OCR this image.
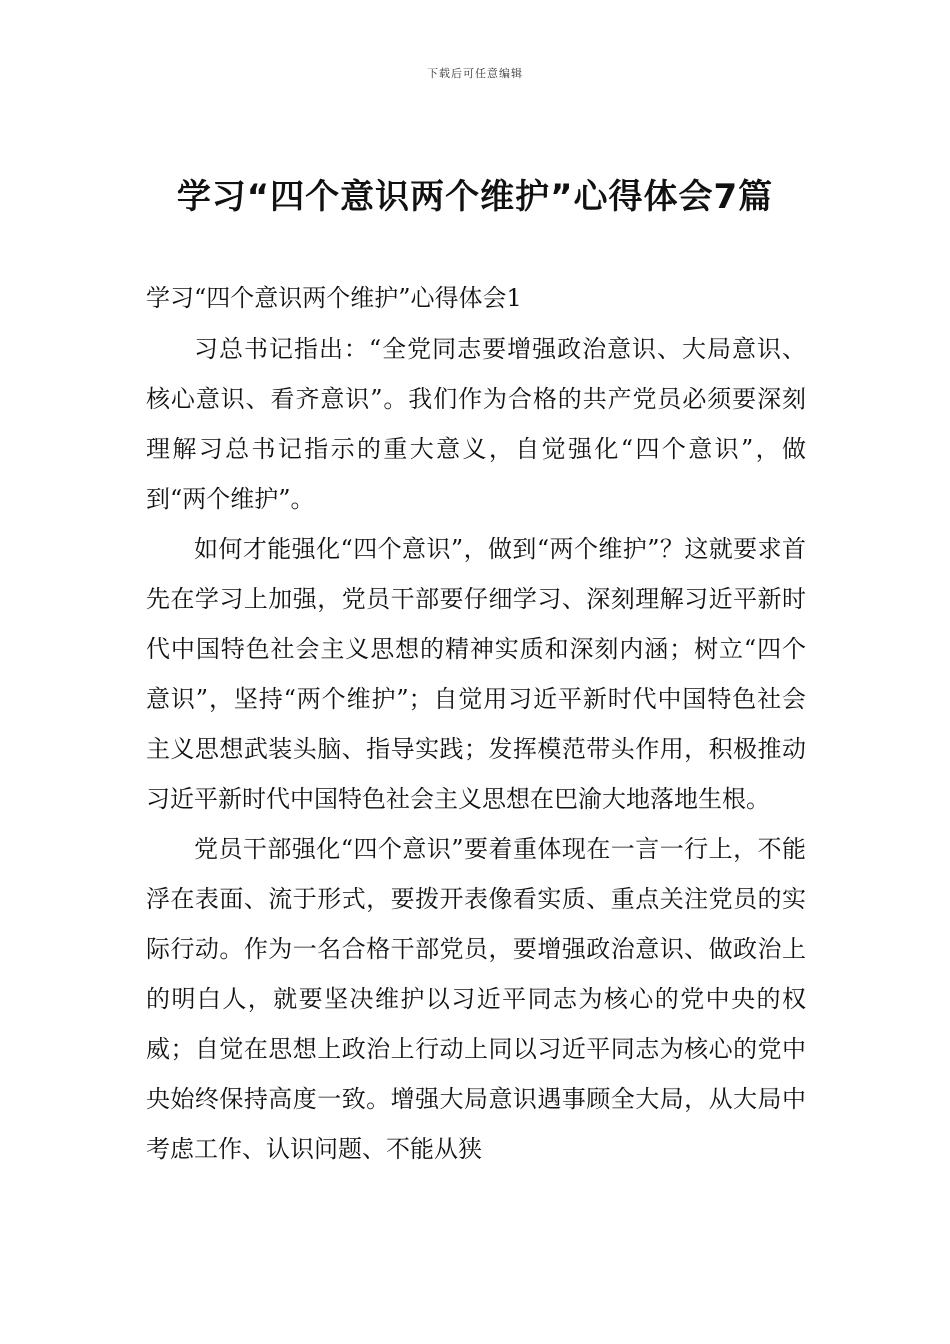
下载后可任意编辑
学习“四个意识两个维护”心得体会7篇
学习“四个意识两个维护”心得体会1

习总书记指出：“全党同志要增强政治意识、大局意识、核心意识、看齐意识”。我们作为合格的共产党员必须要深刻理解习总书记指示的重大意义，自觉强化“四个意识”，做到“两个维护”。

如何才能强化“四个意识”，做到“两个维护”？这就要求首先在学习上加强，党员干部要仔细学习、深刻理解习近平新时代中国特色社会主义思想的精神实质和深刻内涵；树立“四个意识”，坚持“两个维护”；自觉用习近平新时代中国特色社会主义思想武装头脑、指导实践；发挥模范带头作用，积极推动习近平新时代中国特色社会主义思想在巴渝大地落地生根。

党员干部强化“四个意识”要着重体现在一言一行上，不能浮在表面、流于形式，要拨开表像看实质、重点关注党员的实际行动。作为一名合格干部党员，要增强政治意识、做政治上的明白人，就要坚决维护以习近平同志为核心的党中央的权威；自觉在思想上政治上行动上同以习近平同志为核心的党中央始终保持高度一致。增强大局意识遇事顾全大局，从大局中考虑工作、认识问题、不能从狭
